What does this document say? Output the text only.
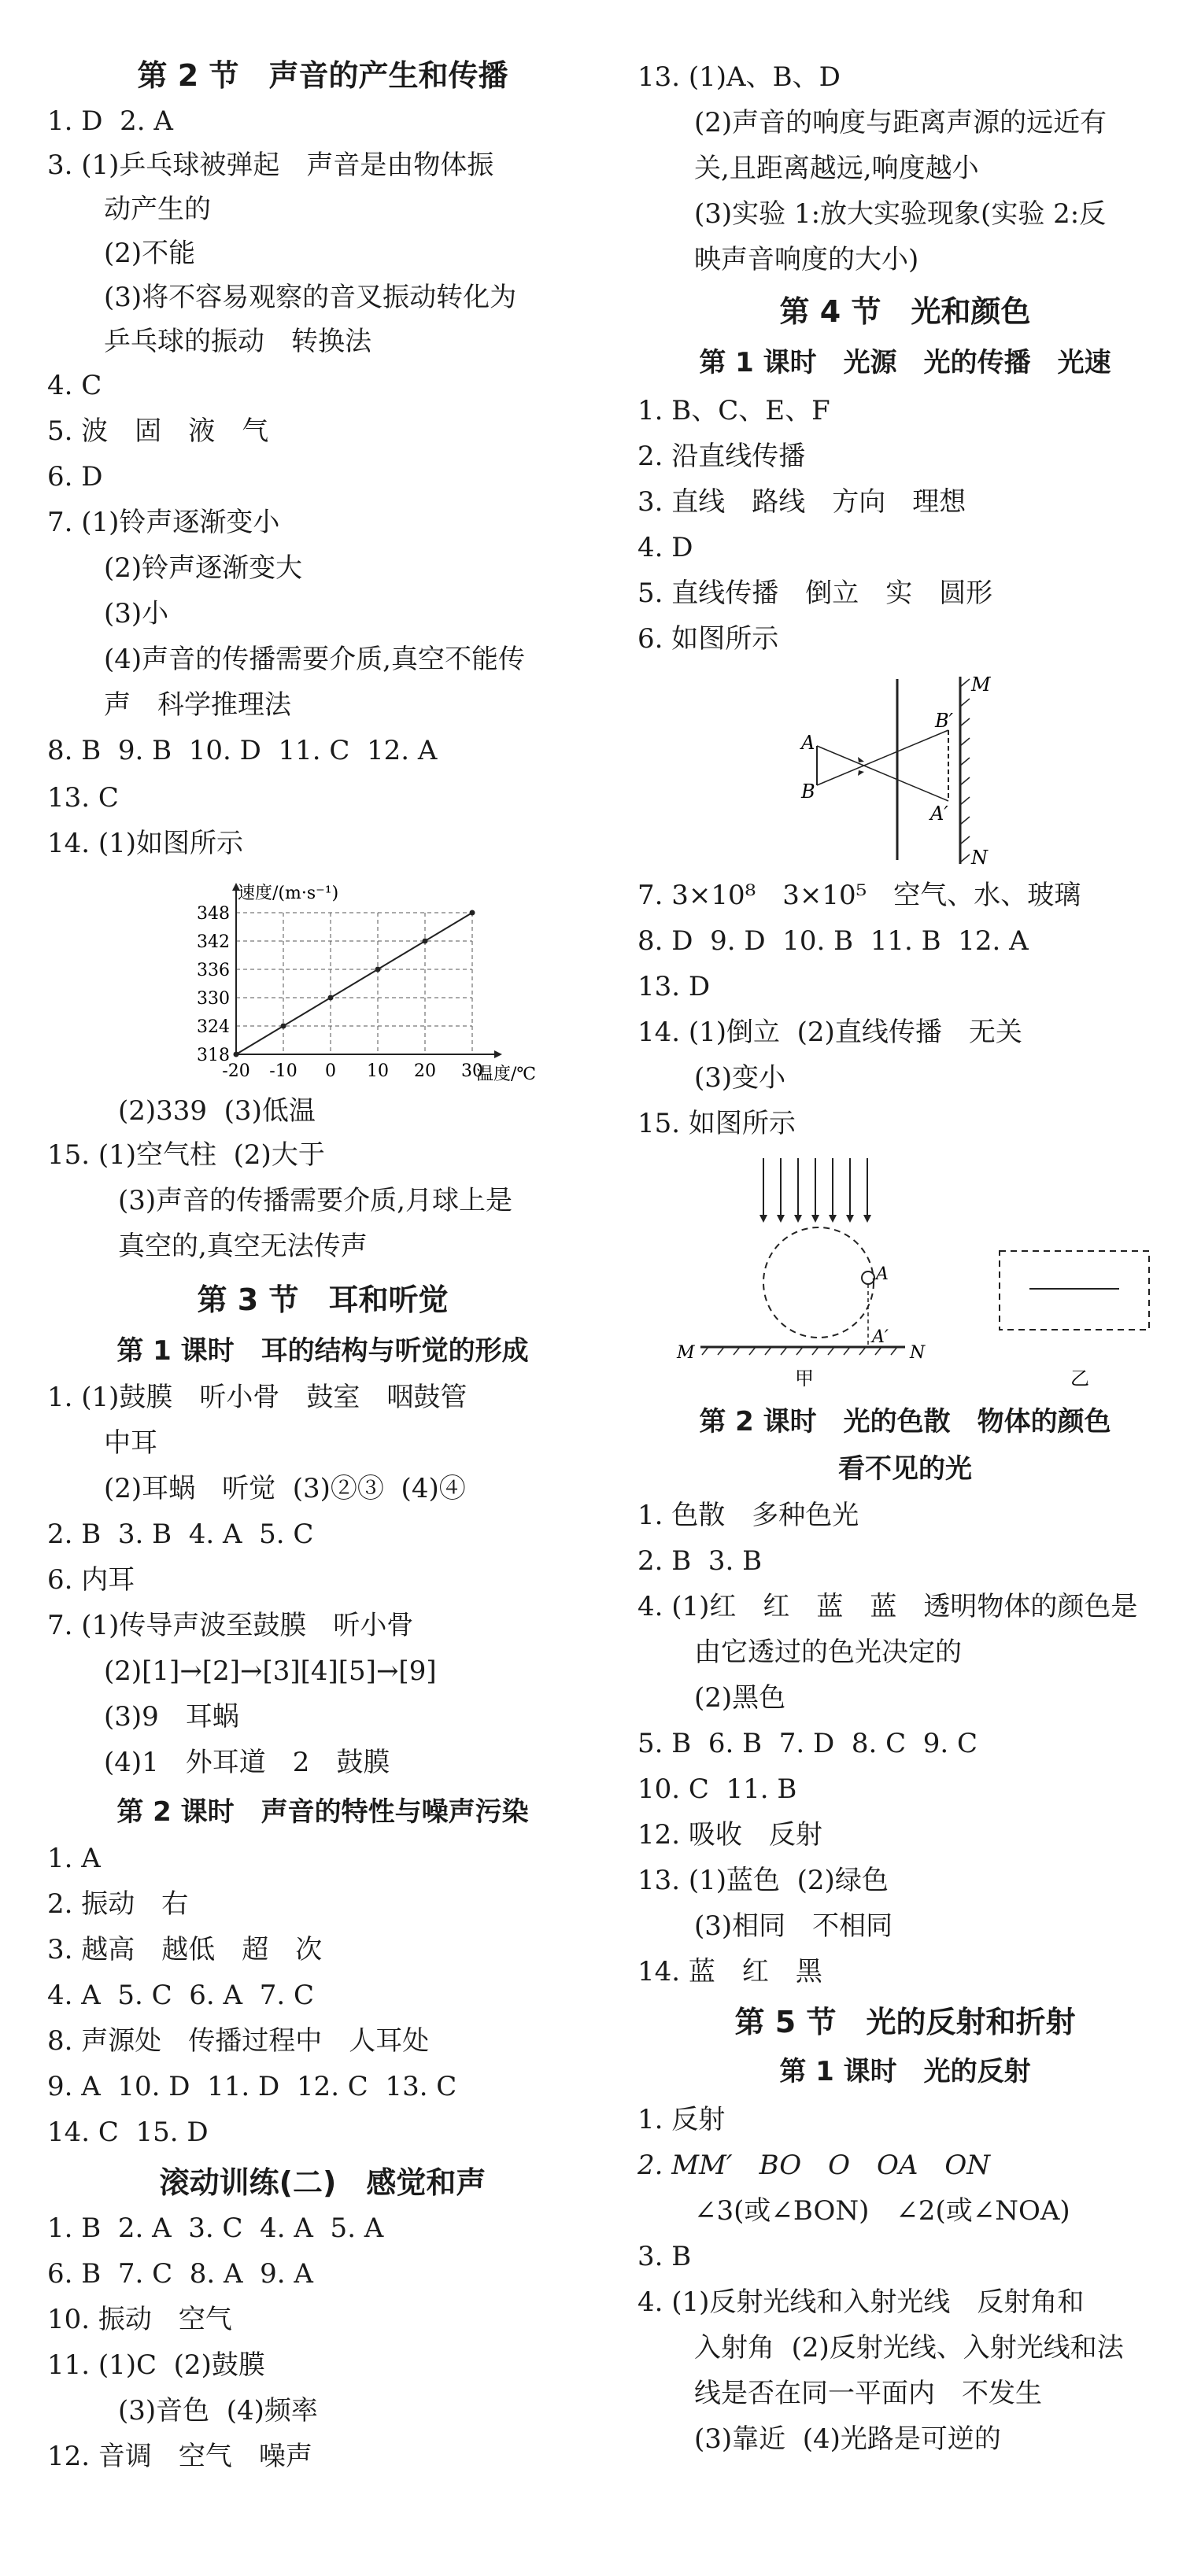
第 2 节　声音的产生和传播
1. D  2. A
3. (1)乒乓球被弹起　声音是由物体振
动产生的
(2)不能
(3)将不容易观察的音叉振动转化为
乒乓球的振动　转换法
4. C
5. 波　固　液　气
6. D
7. (1)铃声逐渐变小
(2)铃声逐渐变大
(3)小
(4)声音的传播需要介质,真空不能传
声　科学推理法
8. B  9. B  10. D  11. C  12. A
13. C
14. (1)如图所示
-20 -10 0 10 20 30
348
342
336
330
324
318
速度/(m·s⁻¹)
温度/℃
(2)339  (3)低温
15. (1)空气柱  (2)大于
(3)声音的传播需要介质,月球上是
真空的,真空无法传声
第 3 节　耳和听觉
第 1 课时　耳的结构与听觉的形成
1. (1)鼓膜　听小骨　鼓室　咽鼓管
中耳
(2)耳蜗　听觉  (3)②③  (4)④
2. B  3. B  4. A  5. C
6. 内耳
7. (1)传导声波至鼓膜　听小骨
(2)[1]→[2]→[3][4][5]→[9]
(3)9　耳蜗
(4)1　外耳道　2　鼓膜
第 2 课时　声音的特性与噪声污染
1. A
2. 振动　右
3. 越高　越低　超　次
4. A  5. C  6. A  7. C
8. 声源处　传播过程中　人耳处
9. A  10. D  11. D  12. C  13. C
14. C  15. D
滚动训练(二)　感觉和声
1. B  2. A  3. C  4. A  5. A
6. B  7. C  8. A  9. A
10. 振动　空气
11. (1)C  (2)鼓膜
(3)音色  (4)频率
12. 音调　空气　噪声
13. (1)A、B、D
(2)声音的响度与距离声源的远近有
关,且距离越远,响度越小
(3)实验 1:放大实验现象(实验 2:反
映声音响度的大小)
第 4 节　光和颜色
第 1 课时　光源　光的传播　光速
1. B、C、E、F
2. 沿直线传播
3. 直线　路线　方向　理想
4. D
5. 直线传播　倒立　实　圆形
6. 如图所示
A
B
B′
A′
M
N
7. 3×10⁸　3×10⁵　空气、水、玻璃
8. D  9. D  10. B  11. B  12. A
13. D
14. (1)倒立  (2)直线传播　无关
(3)变小
15. 如图所示
A
A′
M	N
甲	乙
第 2 课时　光的色散　物体的颜色
看不见的光
1. 色散　多种色光
2. B  3. B
4. (1)红　红　蓝　蓝　透明物体的颜色是
由它透过的色光决定的
(2)黑色
5. B  6. B  7. D  8. C  9. C
10. C  11. B
12. 吸收　反射
13. (1)蓝色  (2)绿色
(3)相同　不相同
14. 蓝　红　黑
第 5 节　光的反射和折射
第 1 课时　光的反射
1. 反射
2. MM′　BO　O　OA　ON
∠3(或∠BON)　∠2(或∠NOA)
3. B
4. (1)反射光线和入射光线　反射角和
入射角  (2)反射光线、入射光线和法
线是否在同一平面内　不发生
(3)靠近  (4)光路是可逆的
